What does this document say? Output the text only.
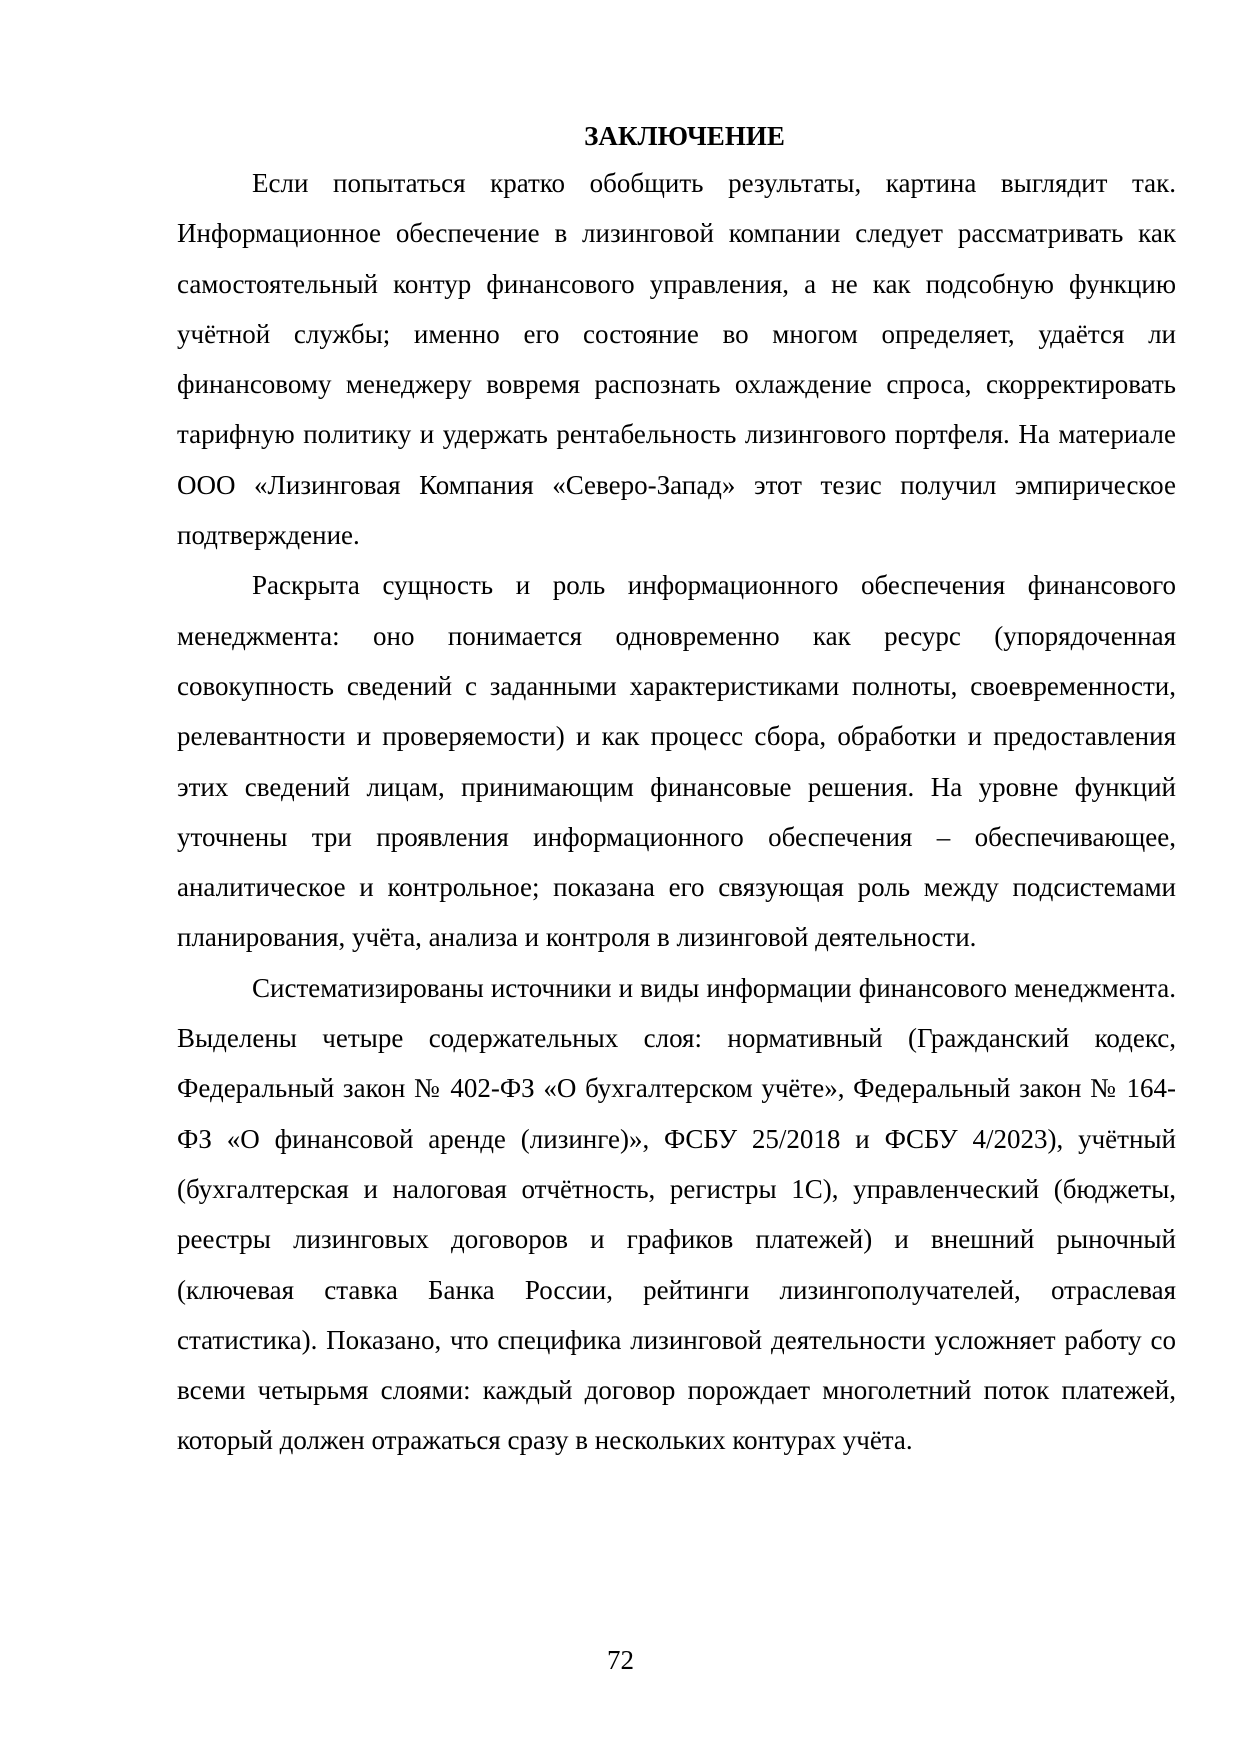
ЗАКЛЮЧЕНИЕ

Если попытаться кратко обобщить результаты, картина выглядит так. Информационное обеспечение в лизинговой компании следует рассматривать как самостоятельный контур финансового управления, а не как подсобную функцию учётной службы; именно его состояние во многом определяет, удаётся ли финансовому менеджеру вовремя распознать охлаждение спроса, скорректировать тарифную политику и удержать рентабельность лизингового портфеля. На материале ООО «Лизинговая Компания «Северо-Запад» этот тезис получил эмпирическое подтверждение.

Раскрыта сущность и роль информационного обеспечения финансового менеджмента: оно понимается одновременно как ресурс (упорядоченная совокупность сведений с заданными характеристиками полноты, своевременности, релевантности и проверяемости) и как процесс сбора, обработки и предоставления этих сведений лицам, принимающим финансовые решения. На уровне функций уточнены три проявления информационного обеспечения – обеспечивающее, аналитическое и контрольное; показана его связующая роль между подсистемами планирования, учёта, анализа и контроля в лизинговой деятельности.

Систематизированы источники и виды информации финансового менеджмента. Выделены четыре содержательных слоя: нормативный (Гражданский кодекс, Федеральный закон № 402-ФЗ «О бухгалтерском учёте», Федеральный закон № 164-ФЗ «О финансовой аренде (лизинге)», ФСБУ 25/2018 и ФСБУ 4/2023), учётный (бухгалтерская и налоговая отчётность, регистры 1С), управленческий (бюджеты, реестры лизинговых договоров и графиков платежей) и внешний рыночный (ключевая ставка Банка России, рейтинги лизингополучателей, отраслевая статистика). Показано, что специфика лизинговой деятельности усложняет работу со всеми четырьмя слоями: каждый договор порождает многолетний поток платежей, который должен отражаться сразу в нескольких контурах учёта.

72
